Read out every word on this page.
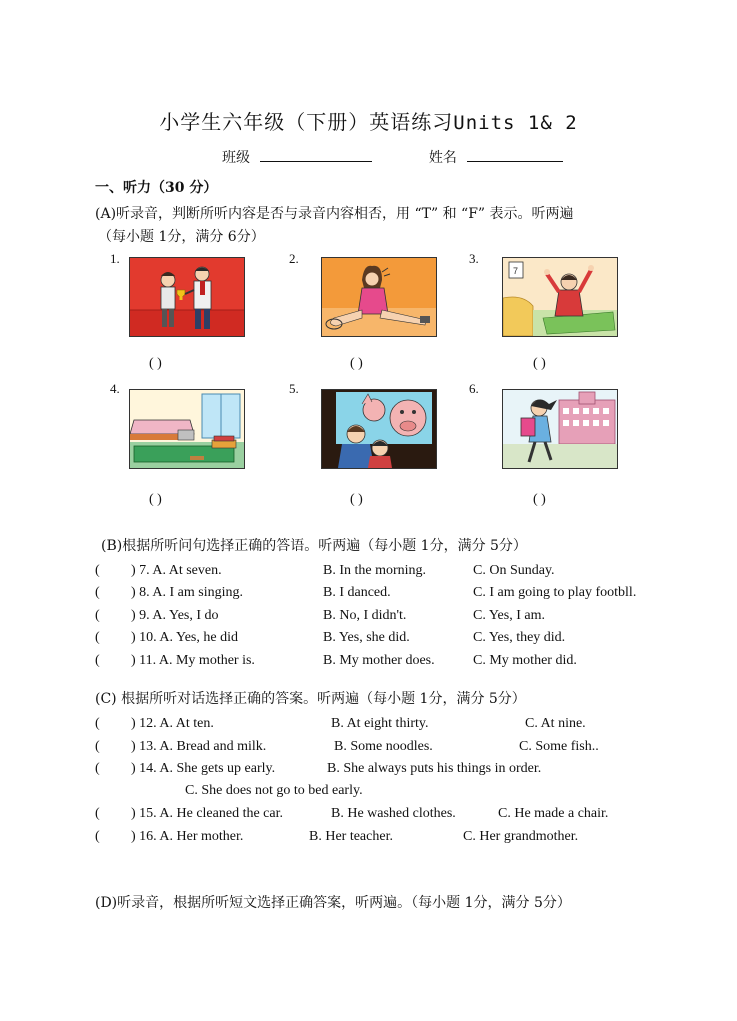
小学生六年级（下册）英语练习Units 1& 2
班级	姓名
一、听力（30 分）
(A)听录音，判断所听内容是否与录音内容相否，用 “T” 和 “F” 表示。听两遍
（每小题 1分，满分 6分）
1.	2.	3.
4.	5.	6.
7
( )	( )	( )
( )	( )	( )
(B)根据所听问句选择正确的答语。听两遍（每小题 1分，满分 5分）
( ) 7. A. At seven.	B. In the morning.	C. On Sunday.
( ) 8. A. I am singing.	B. I danced.	C. I am going to play footbll.
( ) 9. A. Yes, I do	B. No, I didn't.	C. Yes, I am.
( ) 10. A. Yes, he did	B. Yes, she did.	C. Yes, they did.
( ) 11. A. My mother is.	B. My mother does.	C. My mother did.
(C) 根据所听对话选择正确的答案。听两遍（每小题 1分，满分 5分）
( ) 12. A. At ten.	B. At eight thirty.	C. At nine.
( ) 13. A. Bread and milk.	B. Some noodles.	C. Some fish..
( ) 14. A. She gets up early.	B. She always puts his things in order.
C. She does not go to bed early.
( ) 15. A. He cleaned the car.	B. He washed clothes.	C. He made a chair.
( ) 16. A. Her mother.	B. Her teacher.	C. Her grandmother.
(D)听录音，根据所听短文选择正确答案，听两遍。（每小题 1分，满分 5分）
